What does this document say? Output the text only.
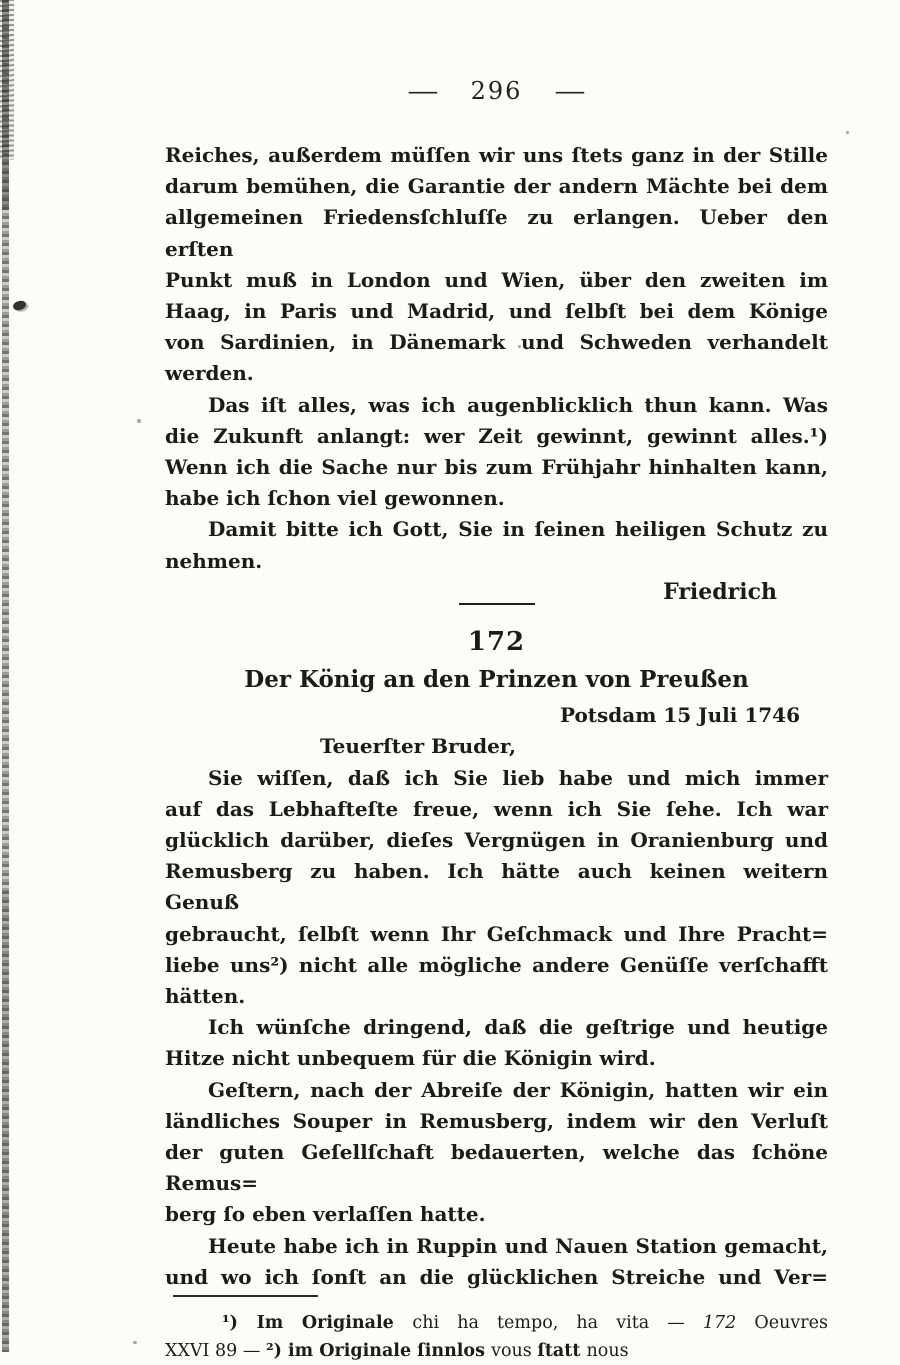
— 296 —
Reiches, außerdem müſſen wir uns ſtets ganz in der Stille
darum bemühen, die Garantie der andern Mächte bei dem
allgemeinen Friedensſchluſſe zu erlangen. Ueber den erſten
Punkt muß in London und Wien, über den zweiten im
Haag, in Paris und Madrid, und ſelbſt bei dem Könige
von Sardinien, in Dänemark und Schweden verhandelt
werden.
Das iſt alles, was ich augenblicklich thun kann. Was
die Zukunft anlangt: wer Zeit gewinnt, gewinnt alles.¹)
Wenn ich die Sache nur bis zum Frühjahr hinhalten kann,
habe ich ſchon viel gewonnen.
Damit bitte ich Gott, Sie in ſeinen heiligen Schutz zu
nehmen.
Friedrich
172
Der König an den Prinzen von Preußen
Potsdam 15 Juli 1746
Teuerſter Bruder,
Sie wiſſen, daß ich Sie lieb habe und mich immer
auf das Lebhafteſte freue, wenn ich Sie ſehe. Ich war
glücklich darüber, dieſes Vergnügen in Oranienburg und
Remusberg zu haben. Ich hätte auch keinen weitern Genuß
gebraucht, ſelbſt wenn Ihr Geſchmack und Ihre Pracht=
liebe uns²) nicht alle mögliche andere Genüſſe verſchafft
hätten.
Ich wünſche dringend, daß die geſtrige und heutige
Hitze nicht unbequem für die Königin wird.
Geſtern, nach der Abreiſe der Königin, hatten wir ein
ländliches Souper in Remusberg, indem wir den Verluſt
der guten Geſellſchaft bedauerten, welche das ſchöne Remus=
berg ſo eben verlaſſen hatte.
Heute habe ich in Ruppin und Nauen Station gemacht,
und wo ich ſonſt an die glücklichen Streiche und Ver=
¹) Im Originale chi ha tempo, ha vita — 172 Oeuvres
XXVI 89 — ²) im Originale ſinnlos vous ſtatt nous
